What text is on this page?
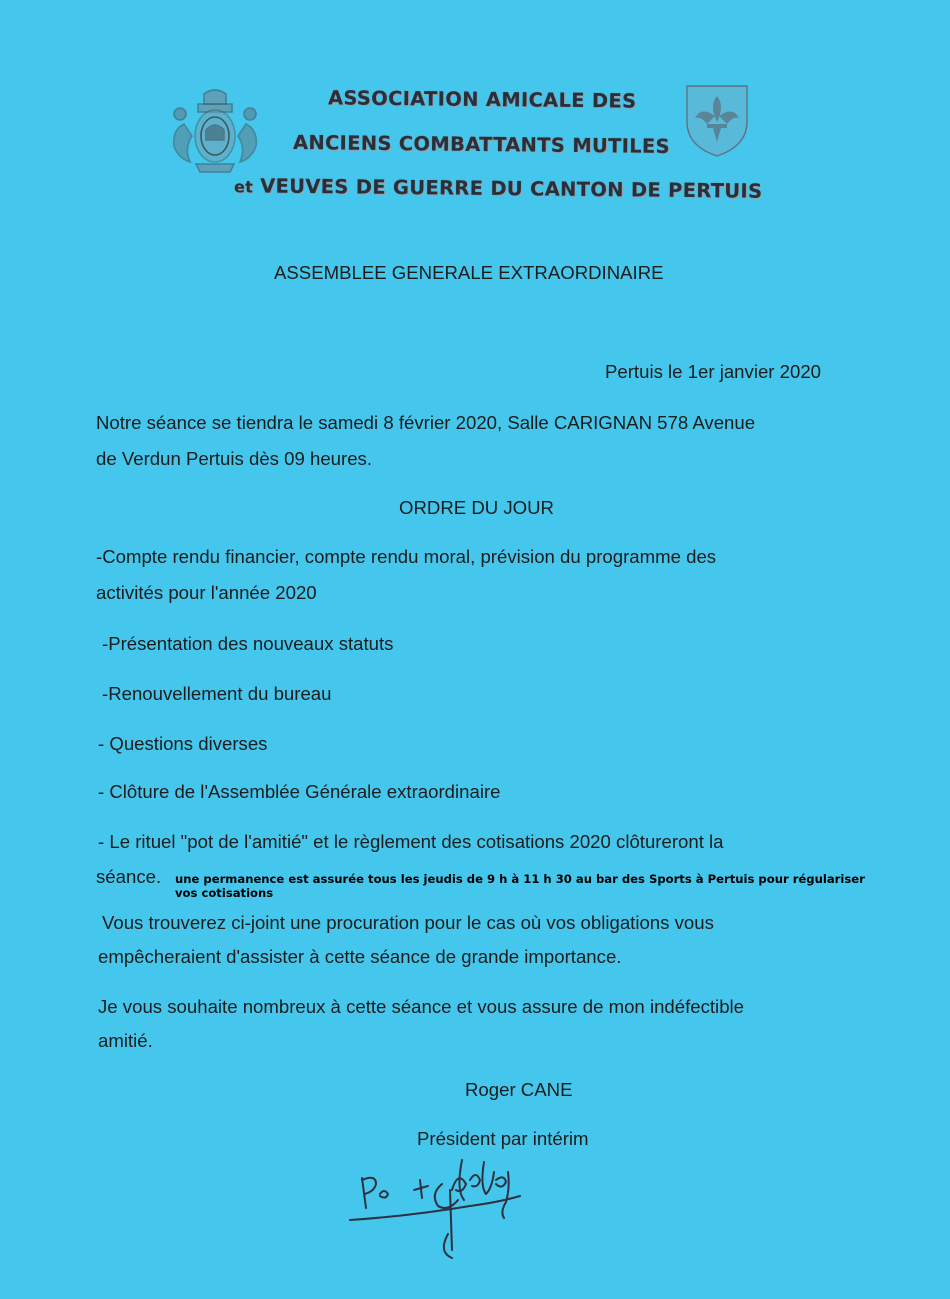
ASSOCIATION AMICALE DES
ANCIENS COMBATTANTS MUTILES
et VEUVES DE GUERRE DU CANTON DE PERTUIS
ASSEMBLEE GENERALE EXTRAORDINAIRE
Pertuis le 1er janvier 2020
Notre séance se tiendra le samedi 8 février 2020, Salle CARIGNAN 578 Avenue
de Verdun Pertuis dès 09 heures.
ORDRE DU JOUR
-Compte rendu financier, compte rendu moral, prévision du programme des
activités pour l'année 2020
-Présentation des nouveaux statuts
-Renouvellement du bureau
- Questions diverses
- Clôture de l'Assemblée Générale extraordinaire
- Le rituel "pot de l'amitié" et le règlement des cotisations 2020 clôtureront la
séance. une permanence est assurée tous les jeudis de 9 h à 11 h 30 au bar des Sports à Pertuis pour régulariser vos cotisations
Vous trouverez ci-joint une procuration pour le cas où vos obligations vous
empêcheraient d'assister à cette séance de grande importance.
Je vous souhaite nombreux à cette séance et vous assure de mon indéfectible
amitié.
Roger CANE
Président par intérim
